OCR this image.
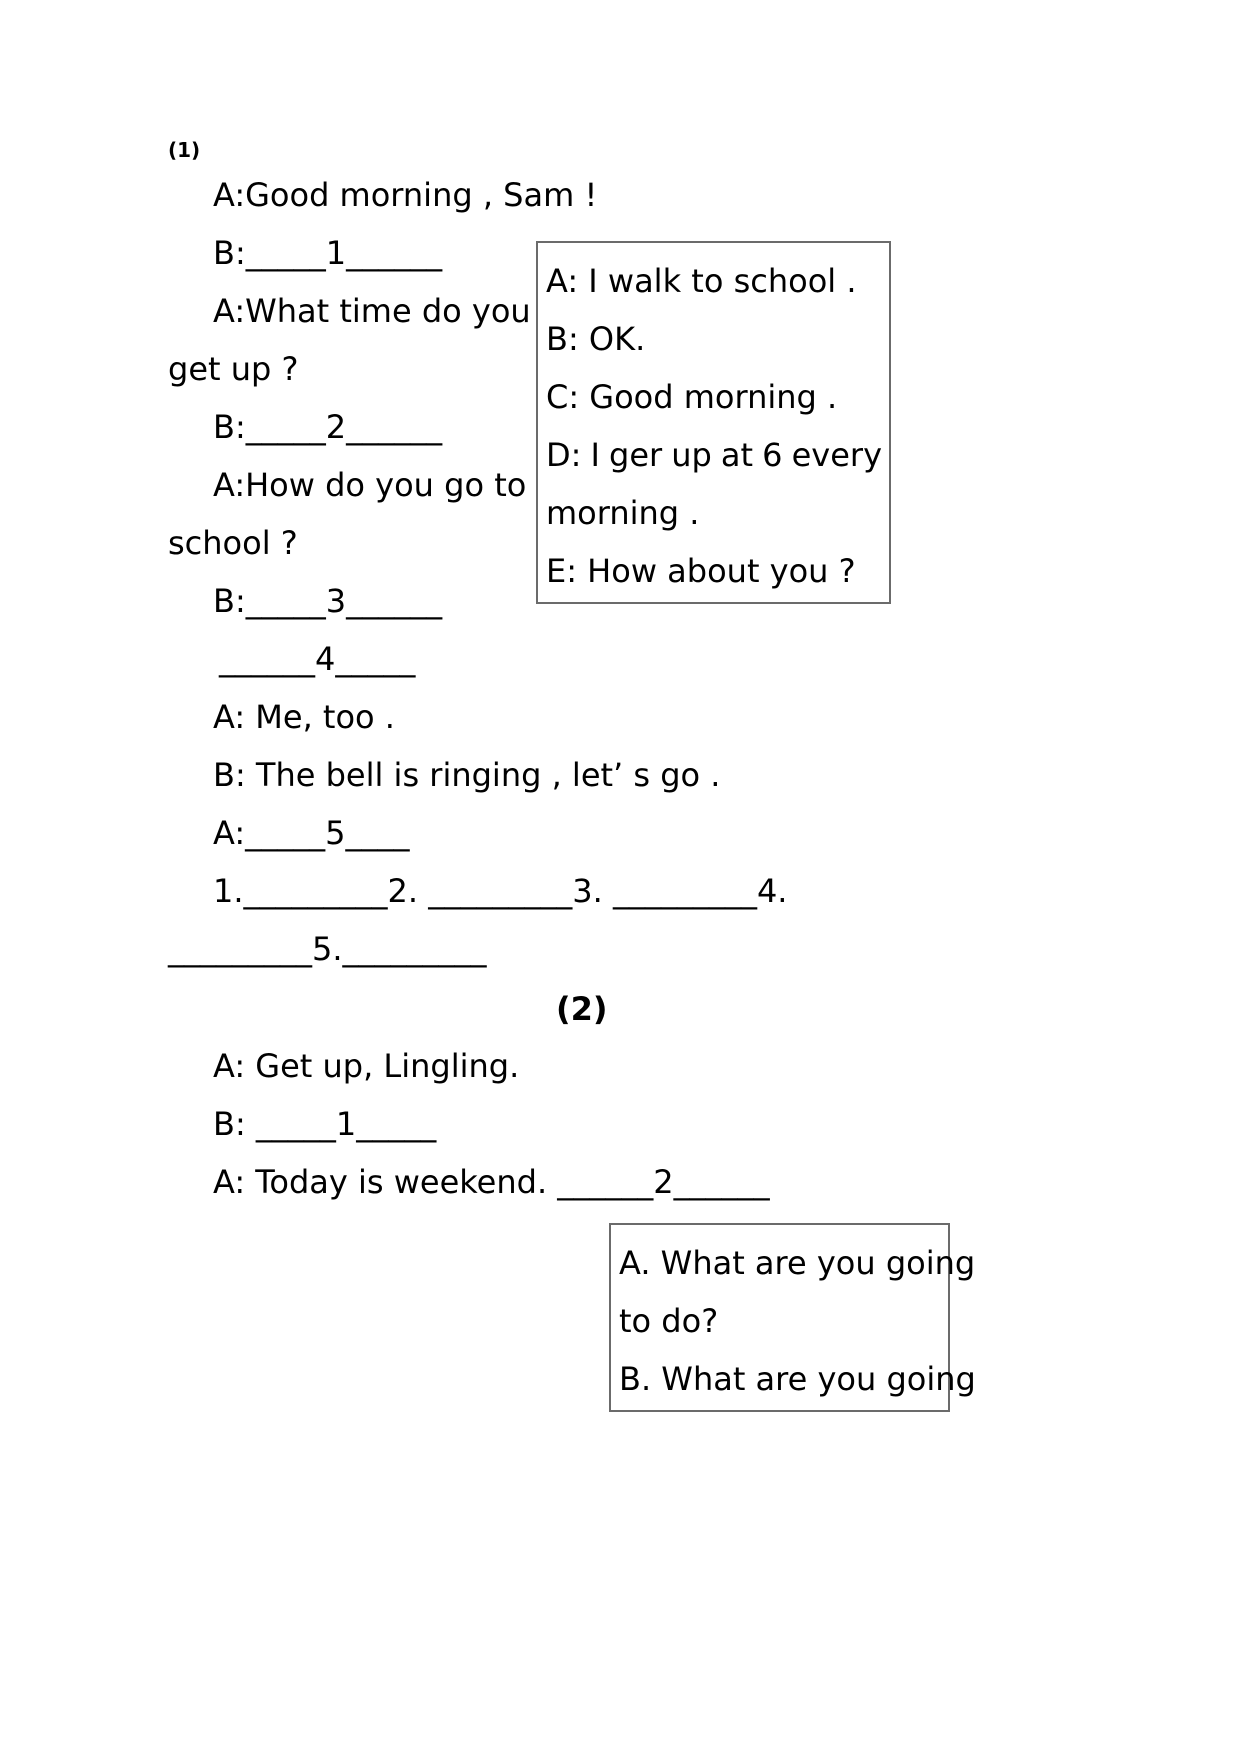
(1)
A:Good morning , Sam !
B:_____1______
A:What time do you
get up ?
B:_____2______
A:How do you go to
school ?
B:_____3______
______4_____
A: Me, too .
B: The bell is ringing , let’ s go .
A:_____5____
1._________2. _________3. _________4.
_________5._________
A: I walk to school .
B: OK.
C: Good morning .
D: I ger up at 6 every
morning .
E: How about you ?
(2)
A: Get up, Lingling.
B: _____1_____
A: Today is weekend. ______2______
A. What are you going
to do?
B. What are you going
